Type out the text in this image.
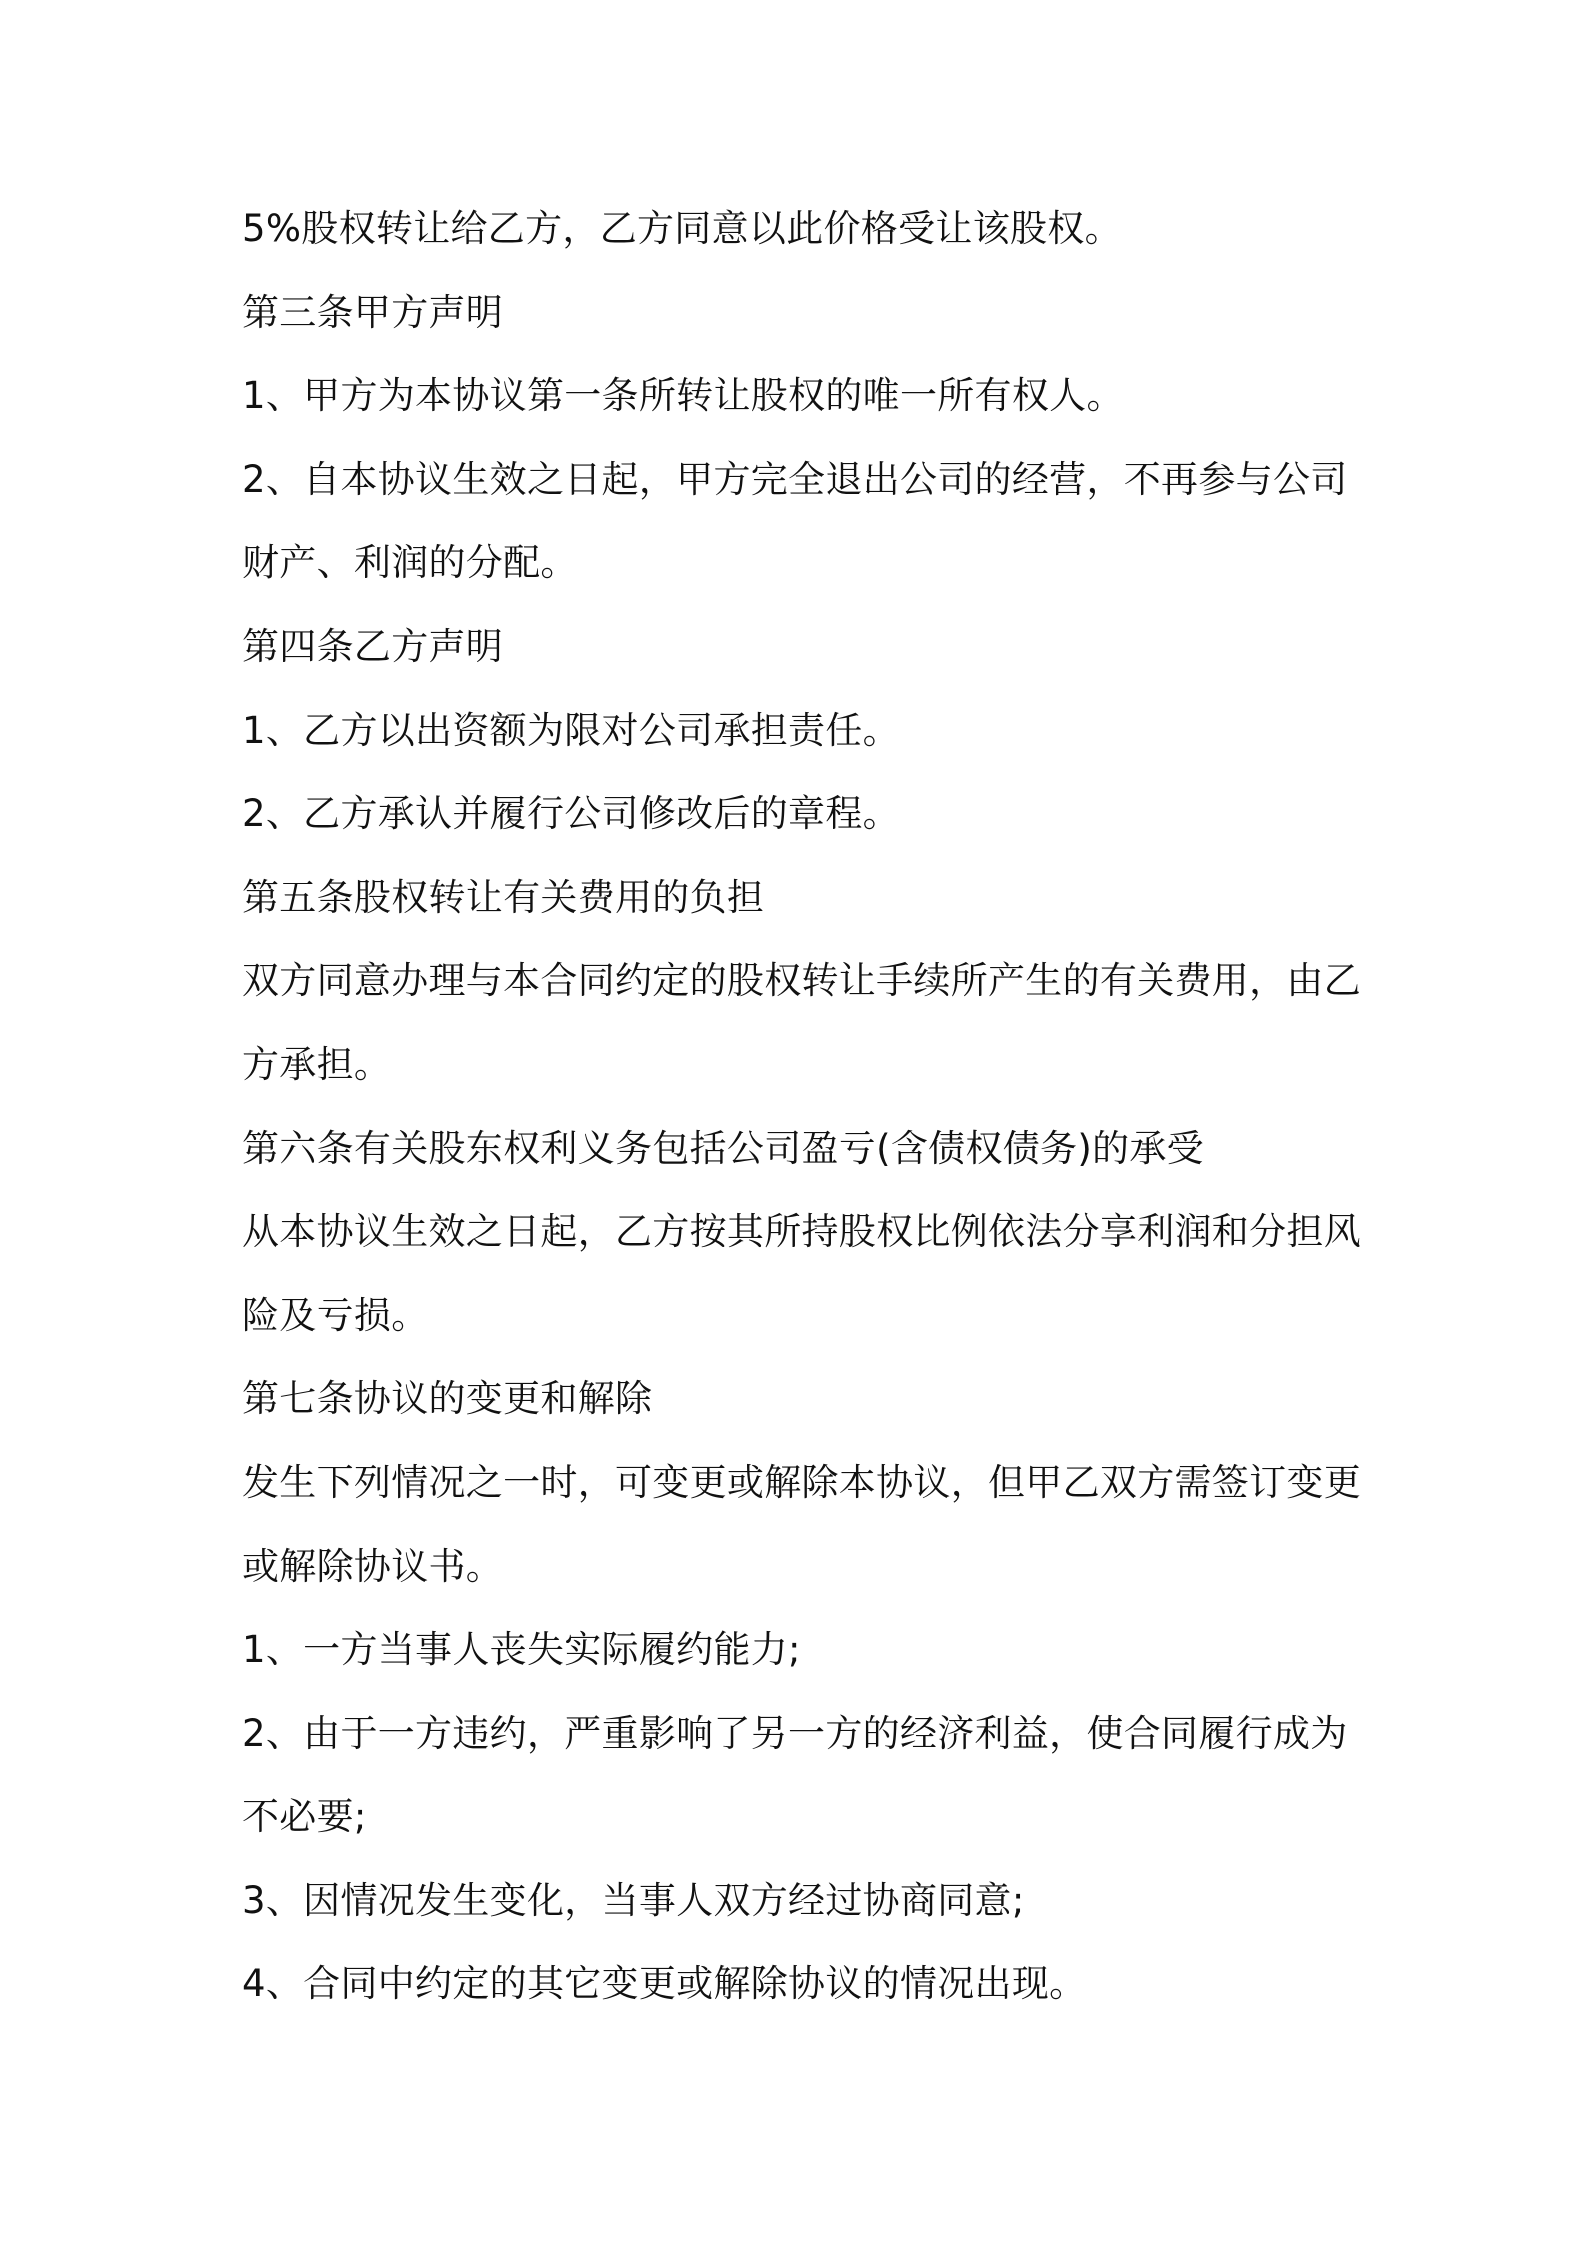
5%股权转让给乙方，乙方同意以此价格受让该股权。
第三条甲方声明
1、甲方为本协议第一条所转让股权的唯一所有权人。
2、自本协议生效之日起，甲方完全退出公司的经营，不再参与公司
财产、利润的分配。
第四条乙方声明
1、乙方以出资额为限对公司承担责任。
2、乙方承认并履行公司修改后的章程。
第五条股权转让有关费用的负担
双方同意办理与本合同约定的股权转让手续所产生的有关费用，由乙
方承担。
第六条有关股东权利义务包括公司盈亏(含债权债务)的承受
从本协议生效之日起，乙方按其所持股权比例依法分享利润和分担风
险及亏损。
第七条协议的变更和解除
发生下列情况之一时，可变更或解除本协议，但甲乙双方需签订变更
或解除协议书。
1、一方当事人丧失实际履约能力;
2、由于一方违约，严重影响了另一方的经济利益，使合同履行成为
不必要;
3、因情况发生变化，当事人双方经过协商同意;
4、合同中约定的其它变更或解除协议的情况出现。
